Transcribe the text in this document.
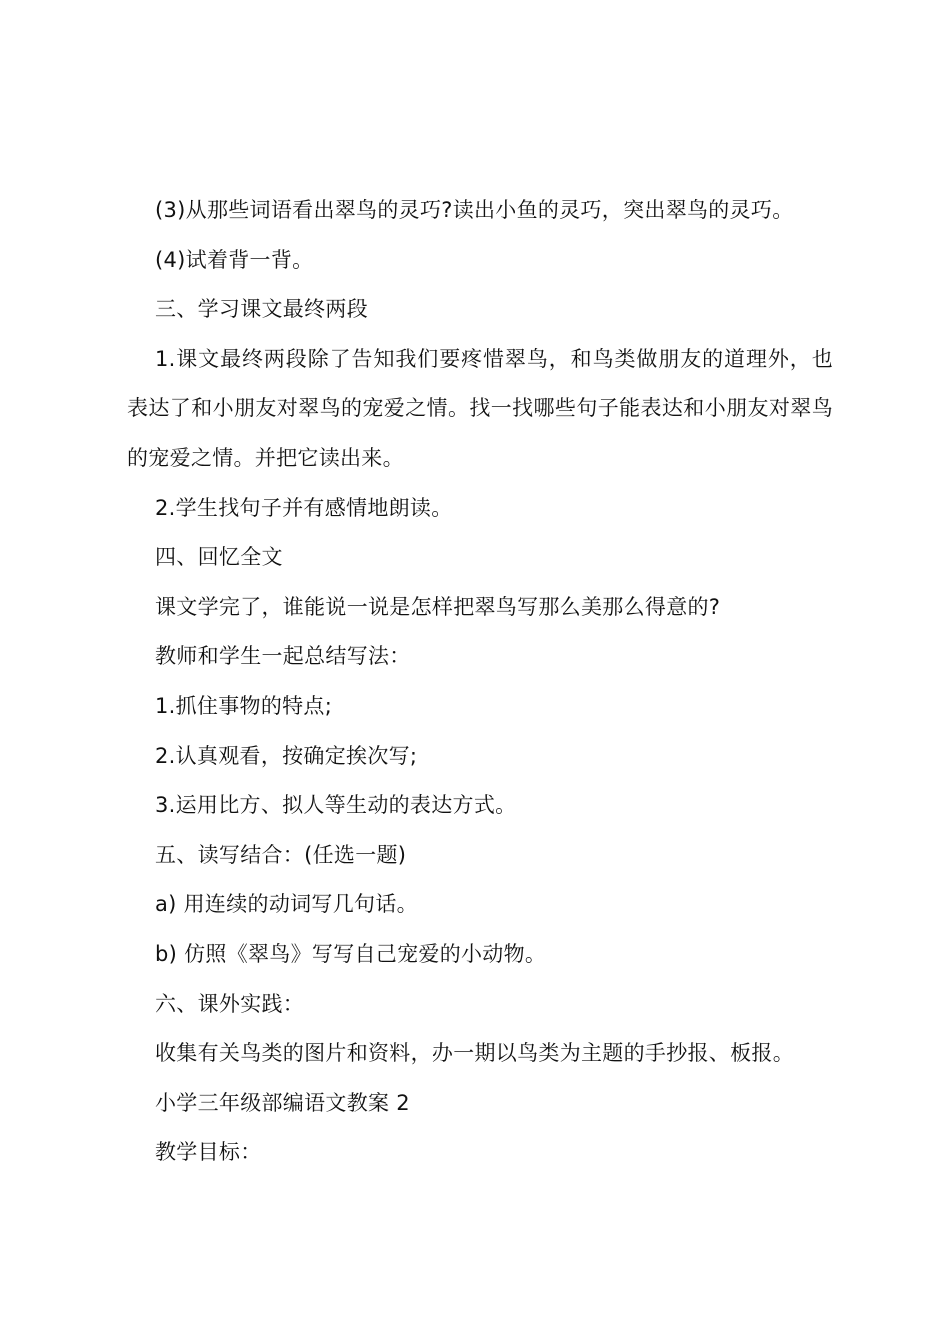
(3)从那些词语看出翠鸟的灵巧?读出小鱼的灵巧，突出翠鸟的灵巧。

(4)试着背一背。

三、学习课文最终两段

1.课文最终两段除了告知我们要疼惜翠鸟，和鸟类做朋友的道理外，也表达了和小朋友对翠鸟的宠爱之情。找一找哪些句子能表达和小朋友对翠鸟的宠爱之情。并把它读出来。

2.学生找句子并有感情地朗读。

四、回忆全文

课文学完了，谁能说一说是怎样把翠鸟写那么美那么得意的?

教师和学生一起总结写法：

1.抓住事物的特点;

2.认真观看，按确定挨次写;

3.运用比方、拟人等生动的表达方式。

五、读写结合：(任选一题)

a) 用连续的动词写几句话。

b) 仿照《翠鸟》写写自己宠爱的小动物。

六、课外实践：

收集有关鸟类的图片和资料，办一期以鸟类为主题的手抄报、板报。

小学三年级部编语文教案 2

教学目标：
